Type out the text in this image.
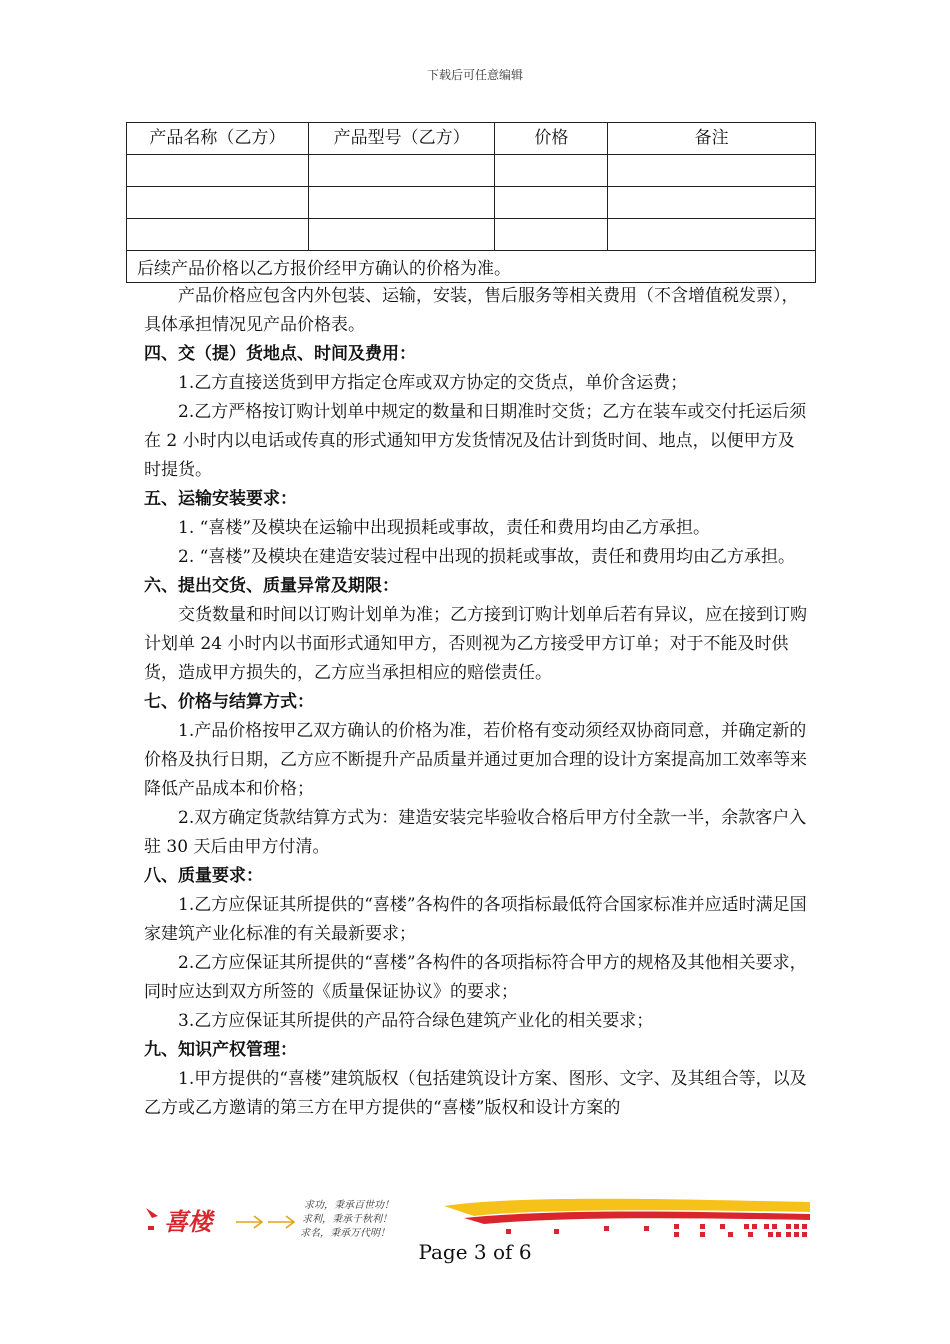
下载后可任意编辑
产品名称（乙方）	产品型号（乙方）	价格	备注

后续产品价格以乙方报价经甲方确认的价格为准。			

产品价格应包含内外包装、运输，安装，售后服务等相关费用（不含增值税发票），具体承担情况见产品价格表。

四、交（提）货地点、时间及费用：

1.乙方直接送货到甲方指定仓库或双方协定的交货点，单价含运费；

2.乙方严格按订购计划单中规定的数量和日期准时交货；乙方在装车或交付托运后须在 2 小时内以电话或传真的形式通知甲方发货情况及估计到货时间、地点，以便甲方及时提货。

五、运输安装要求：

1. “喜楼”及模块在运输中出现损耗或事故，责任和费用均由乙方承担。

2. “喜楼”及模块在建造安装过程中出现的损耗或事故，责任和费用均由乙方承担。

六、提出交货、质量异常及期限：

交货数量和时间以订购计划单为准；乙方接到订购计划单后若有异议，应在接到订购计划单 24 小时内以书面形式通知甲方，否则视为乙方接受甲方订单；对于不能及时供货，造成甲方损失的，乙方应当承担相应的赔偿责任。

七、价格与结算方式：

1.产品价格按甲乙双方确认的价格为准，若价格有变动须经双协商同意，并确定新的价格及执行日期，乙方应不断提升产品质量并通过更加合理的设计方案提高加工效率等来降低产品成本和价格；

2.双方确定货款结算方式为：建造安装完毕验收合格后甲方付全款一半，余款客户入驻 30 天后由甲方付清。

八、质量要求：

1.乙方应保证其所提供的“喜楼”各构件的各项指标最低符合国家标准并应适时满足国家建筑产业化标准的有关最新要求；

2.乙方应保证其所提供的“喜楼”各构件的各项指标符合甲方的规格及其他相关要求，同时应达到双方所签的《质量保证协议》的要求；

3.乙方应保证其所提供的产品符合绿色建筑产业化的相关要求；

九、知识产权管理：

1.甲方提供的“喜楼”建筑版权（包括建筑设计方案、图形、文字、及其组合等，以及乙方或乙方邀请的第三方在甲方提供的“喜楼”版权和设计方案的

喜楼
求功，秉承百世功！
求利，秉承千秋利！
求名，秉承万代明！
Page 3 of 6
